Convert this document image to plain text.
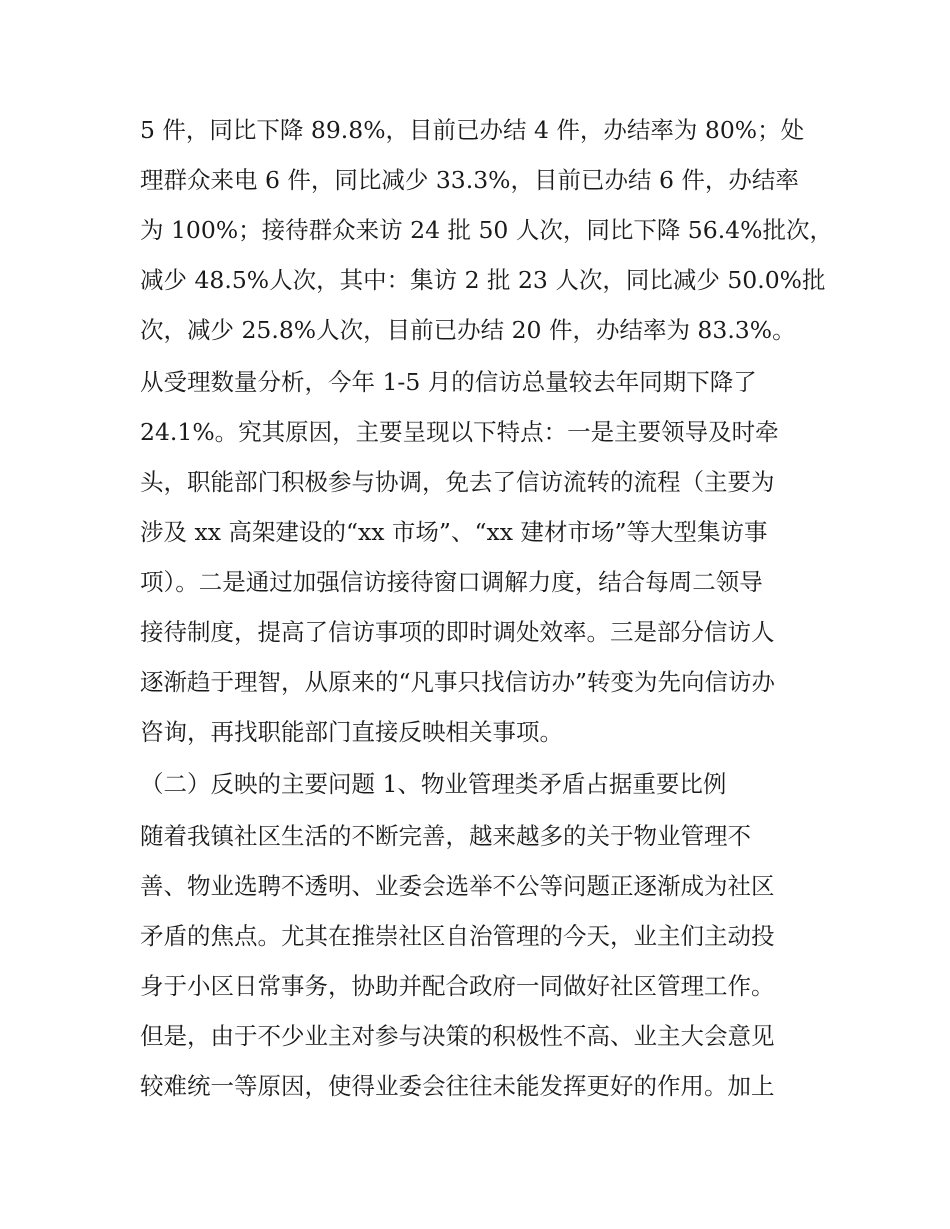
5 件，同比下降 89.8%，目前已办结 4 件，办结率为 80%；处
理群众来电 6 件，同比减少 33.3%，目前已办结 6 件，办结率
为 100%；接待群众来访 24 批 50 人次，同比下降 56.4%批次，
减少 48.5%人次，其中：集访 2 批 23 人次，同比减少 50.0%批
次，减少 25.8%人次，目前已办结 20 件，办结率为 83.3%。
从受理数量分析，今年 1-5 月的信访总量较去年同期下降了
24.1%。究其原因，主要呈现以下特点：一是主要领导及时牵
头，职能部门积极参与协调，免去了信访流转的流程（主要为
涉及 xx 高架建设的“xx 市场”、“xx 建材市场”等大型集访事
项）。二是通过加强信访接待窗口调解力度，结合每周二领导
接待制度，提高了信访事项的即时调处效率。三是部分信访人
逐渐趋于理智，从原来的“凡事只找信访办”转变为先向信访办
咨询，再找职能部门直接反映相关事项。
（二）反映的主要问题 1、物业管理类矛盾占据重要比例
随着我镇社区生活的不断完善，越来越多的关于物业管理不
善、物业选聘不透明、业委会选举不公等问题正逐渐成为社区
矛盾的焦点。尤其在推崇社区自治管理的今天，业主们主动投
身于小区日常事务，协助并配合政府一同做好社区管理工作。
但是，由于不少业主对参与决策的积极性不高、业主大会意见
较难统一等原因，使得业委会往往未能发挥更好的作用。加上
